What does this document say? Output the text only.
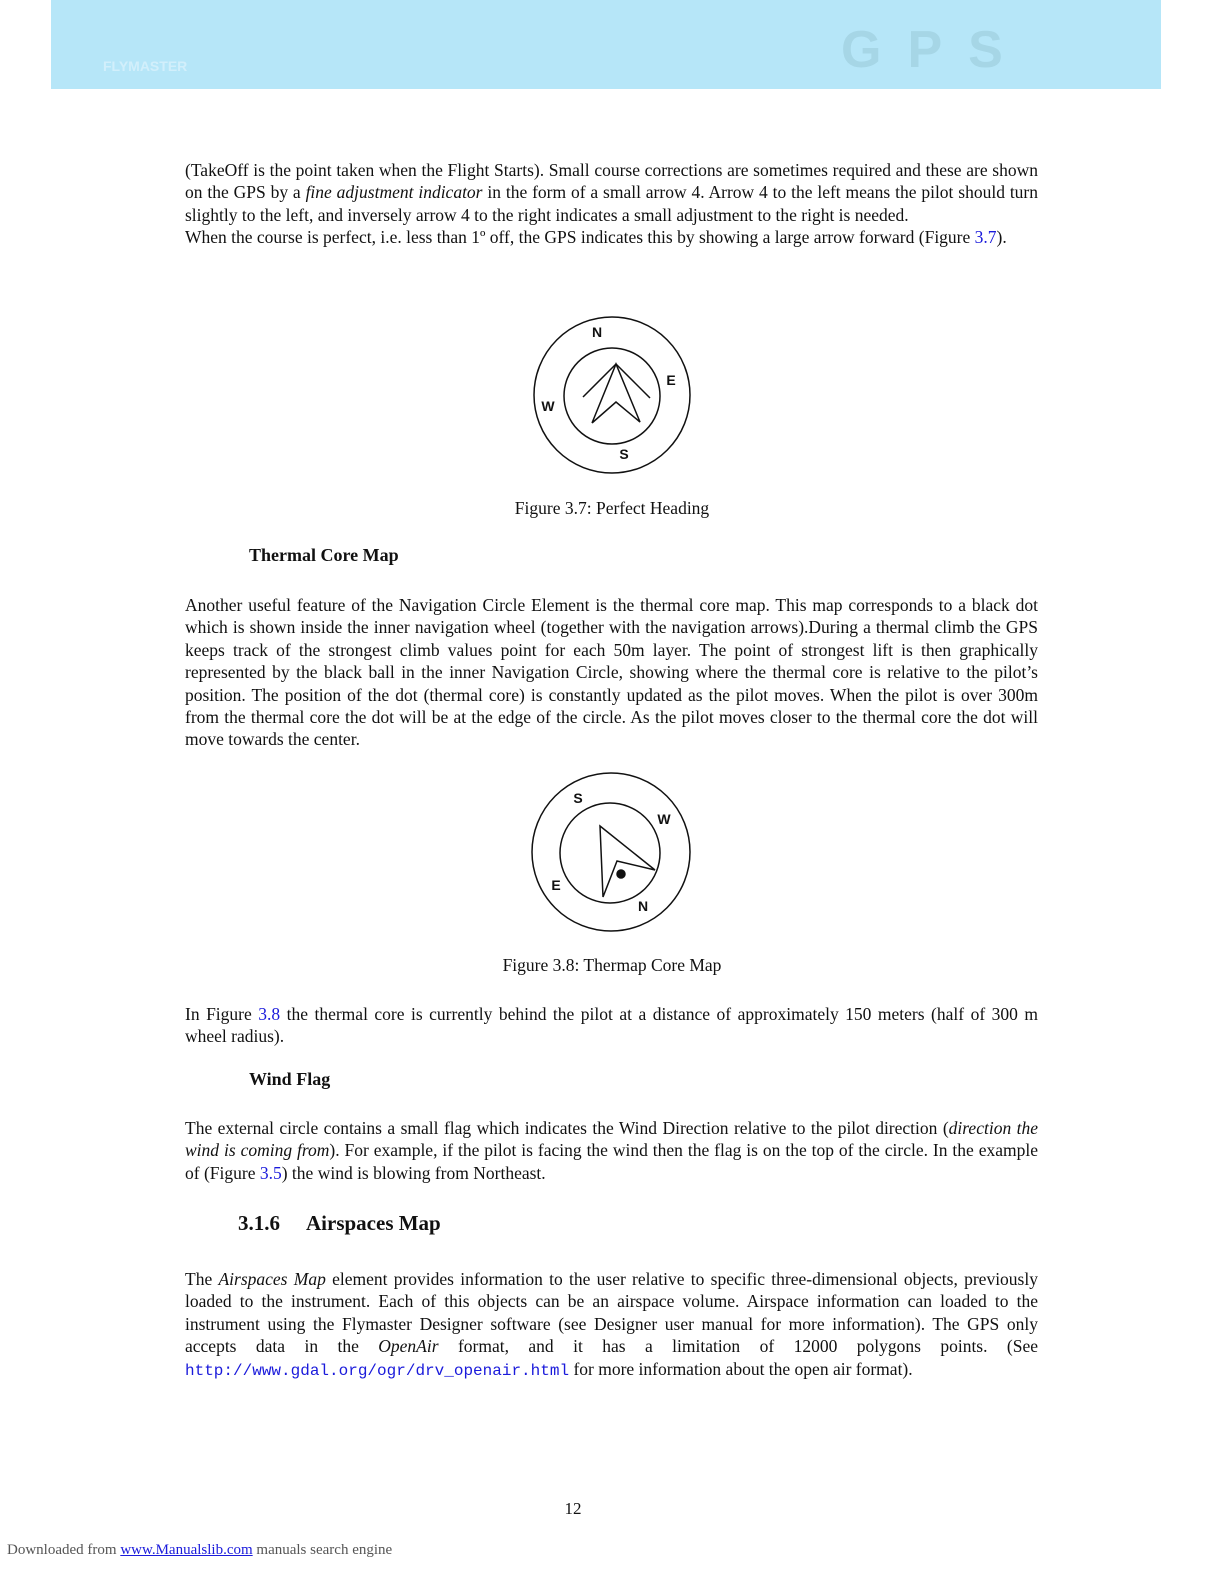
FLYMASTER	GPS

(TakeOff is the point taken when the Flight Starts). Small course corrections are sometimes required and these are shown on the GPS by a fine adjustment indicator in the form of a small arrow 4. Arrow 4 to the left means the pilot should turn slightly to the left, and inversely arrow 4 to the right indicates a small adjustment to the right is needed.

When the course is perfect, i.e. less than 1º off, the GPS indicates this by showing a large arrow forward (Figure 3.7).

N
E
W
S
S
W
E
N
Figure 3.7: Perfect Heading
Thermal Core Map

Another useful feature of the Navigation Circle Element is the thermal core map. This map corresponds to a black dot which is shown inside the inner navigation wheel (together with the navigation arrows).During a thermal climb the GPS keeps track of the strongest climb values point for each 50m layer. The point of strongest lift is then graphically represented by the black ball in the inner Navigation Circle, showing where the thermal core is relative to the pilot’s position. The position of the dot (thermal core) is constantly updated as the pilot moves. When the pilot is over 300m from the thermal core the dot will be at the edge of the circle. As the pilot moves closer to the thermal core the dot will move towards the center.

Figure 3.8: Thermap Core Map

In Figure 3.8 the thermal core is currently behind the pilot at a distance of approximately 150 meters (half of 300 m wheel radius).

Wind Flag

The external circle contains a small flag which indicates the Wind Direction relative to the pilot direction (direction the wind is coming from). For example, if the pilot is facing the wind then the flag is on the top of the circle. In the example of (Figure 3.5) the wind is blowing from Northeast.

3.1.6 Airspaces Map

The Airspaces Map element provides information to the user relative to specific three-dimensional objects, previously loaded to the instrument. Each of this objects can be an airspace volume. Airspace information can loaded to the instrument using the Flymaster Designer software (see Designer user manual for more information). The GPS only accepts data in the OpenAir format, and it has a limitation of 12000 polygons points. (See http://www.gdal.org/ogr/drv_openair.html for more information about the open air format).

12
Downloaded from www.Manualslib.com manuals search engine
